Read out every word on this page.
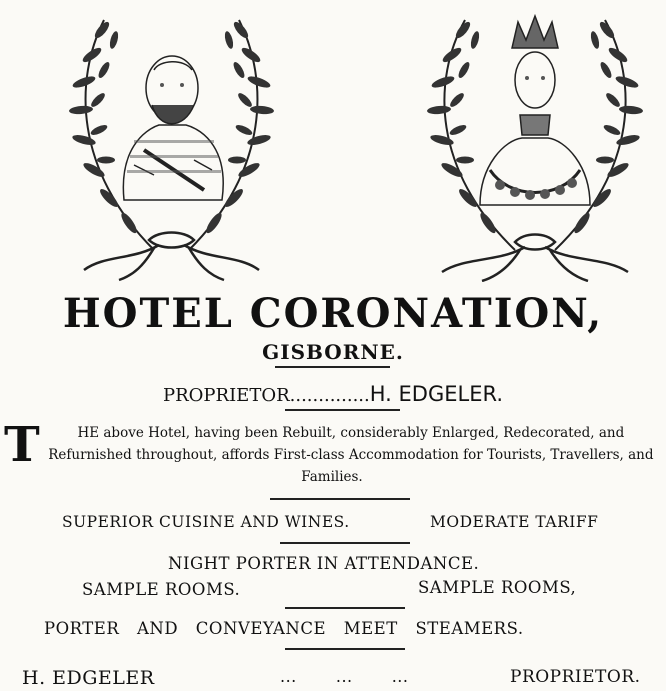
HOTEL CORONATION,
GISBORNE.
PROPRIETOR..............H. EDGELER.
T	HE above Hotel, having been Rebuilt, considerably Enlarged, Redecorated, and Refurnished throughout, affords First-class Accommodation for Tourists, Travellers, and Families.
SUPERIOR CUISINE AND WINES.	MODERATE TARIFF
NIGHT PORTER IN ATTENDANCE.
SAMPLE ROOMS.	SAMPLE ROOMS,
PORTER AND CONVEYANCE MEET STEAMERS.
H. EDGELER	...       ...       ...	PROPRIETOR.
